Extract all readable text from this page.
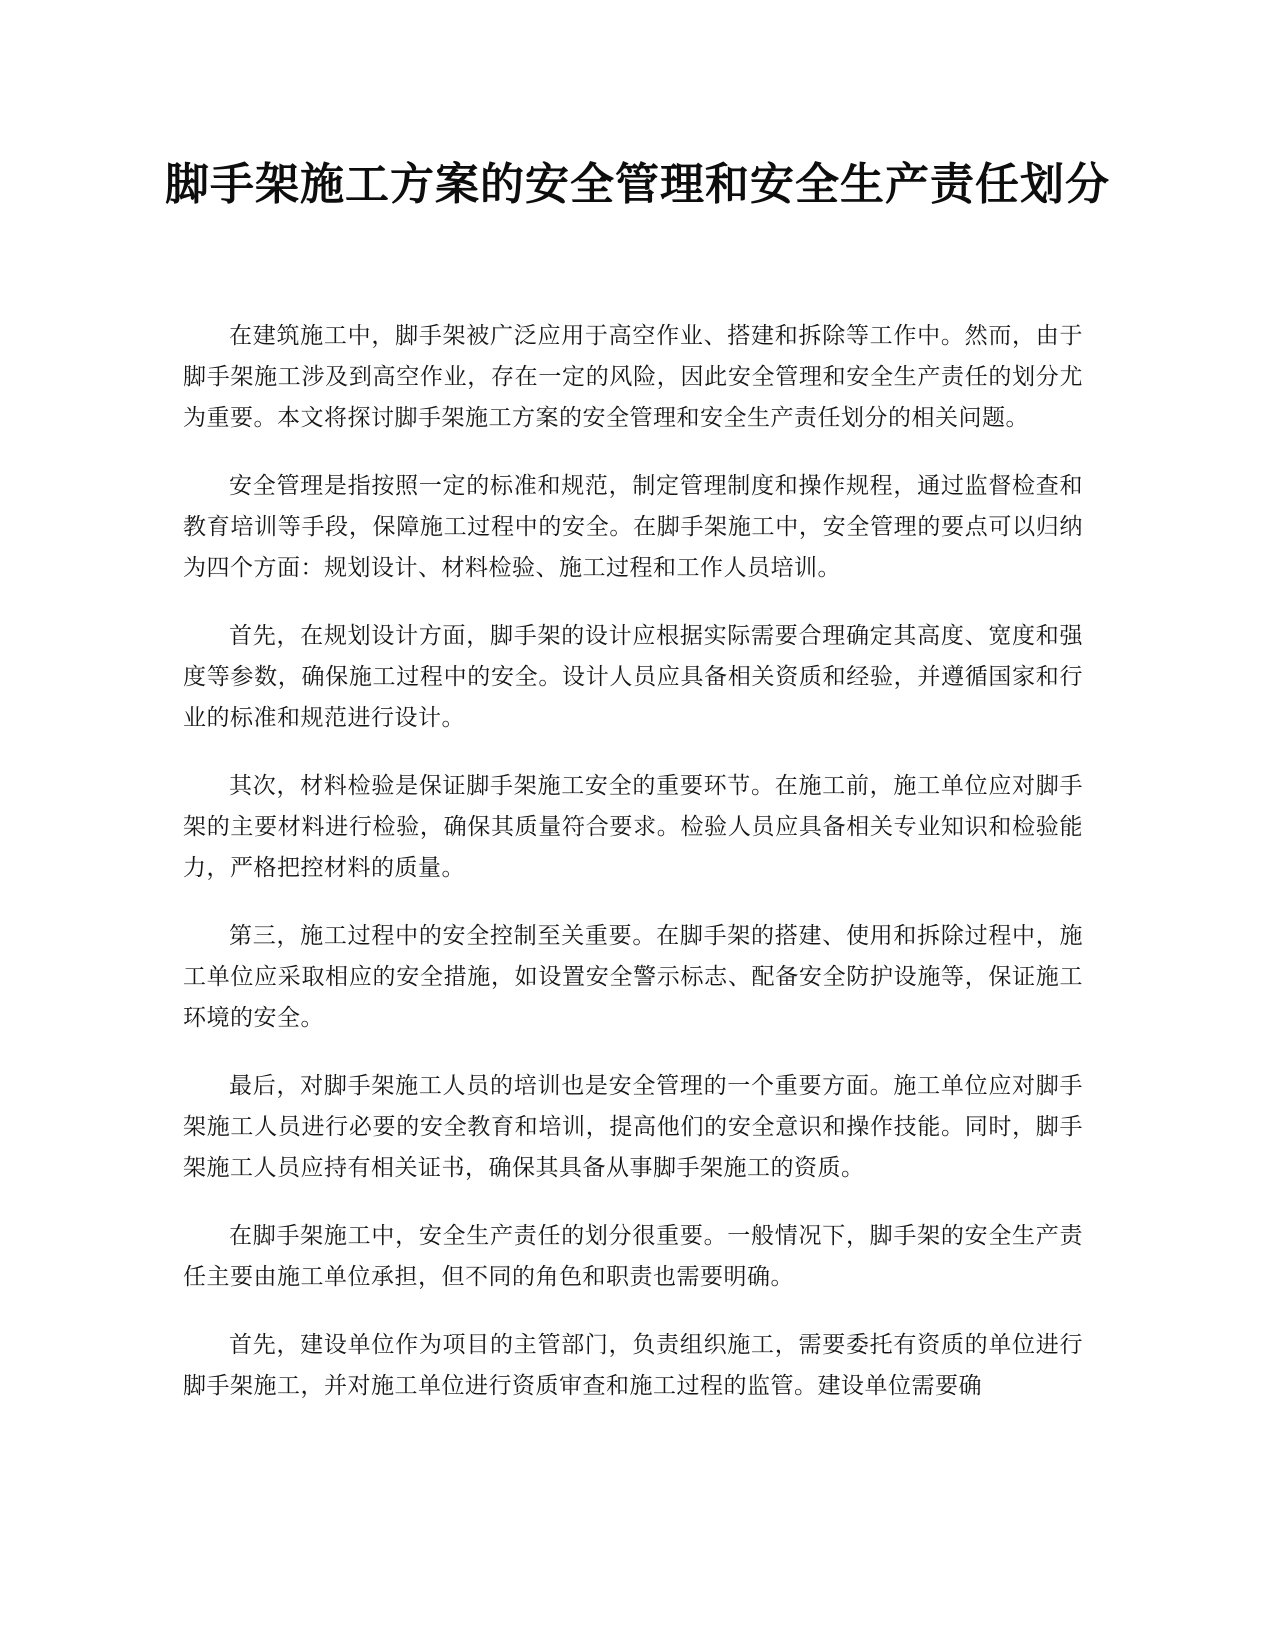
脚手架施工方案的安全管理和安全生产责任划分

在建筑施工中，脚手架被广泛应用于高空作业、搭建和拆除等工作中。然而，由于脚手架施工涉及到高空作业，存在一定的风险，因此安全管理和安全生产责任的划分尤为重要。本文将探讨脚手架施工方案的安全管理和安全生产责任划分的相关问题。

安全管理是指按照一定的标准和规范，制定管理制度和操作规程，通过监督检查和教育培训等手段，保障施工过程中的安全。在脚手架施工中，安全管理的要点可以归纳为四个方面：规划设计、材料检验、施工过程和工作人员培训。

首先，在规划设计方面，脚手架的设计应根据实际需要合理确定其高度、宽度和强度等参数，确保施工过程中的安全。设计人员应具备相关资质和经验，并遵循国家和行业的标准和规范进行设计。

其次，材料检验是保证脚手架施工安全的重要环节。在施工前，施工单位应对脚手架的主要材料进行检验，确保其质量符合要求。检验人员应具备相关专业知识和检验能力，严格把控材料的质量。

第三，施工过程中的安全控制至关重要。在脚手架的搭建、使用和拆除过程中，施工单位应采取相应的安全措施，如设置安全警示标志、配备安全防护设施等，保证施工环境的安全。

最后，对脚手架施工人员的培训也是安全管理的一个重要方面。施工单位应对脚手架施工人员进行必要的安全教育和培训，提高他们的安全意识和操作技能。同时，脚手架施工人员应持有相关证书，确保其具备从事脚手架施工的资质。

在脚手架施工中，安全生产责任的划分很重要。一般情况下，脚手架的安全生产责任主要由施工单位承担，但不同的角色和职责也需要明确。

首先，建设单位作为项目的主管部门，负责组织施工，需要委托有资质的单位进行脚手架施工，并对施工单位进行资质审查和施工过程的监管。建设单位需要确
